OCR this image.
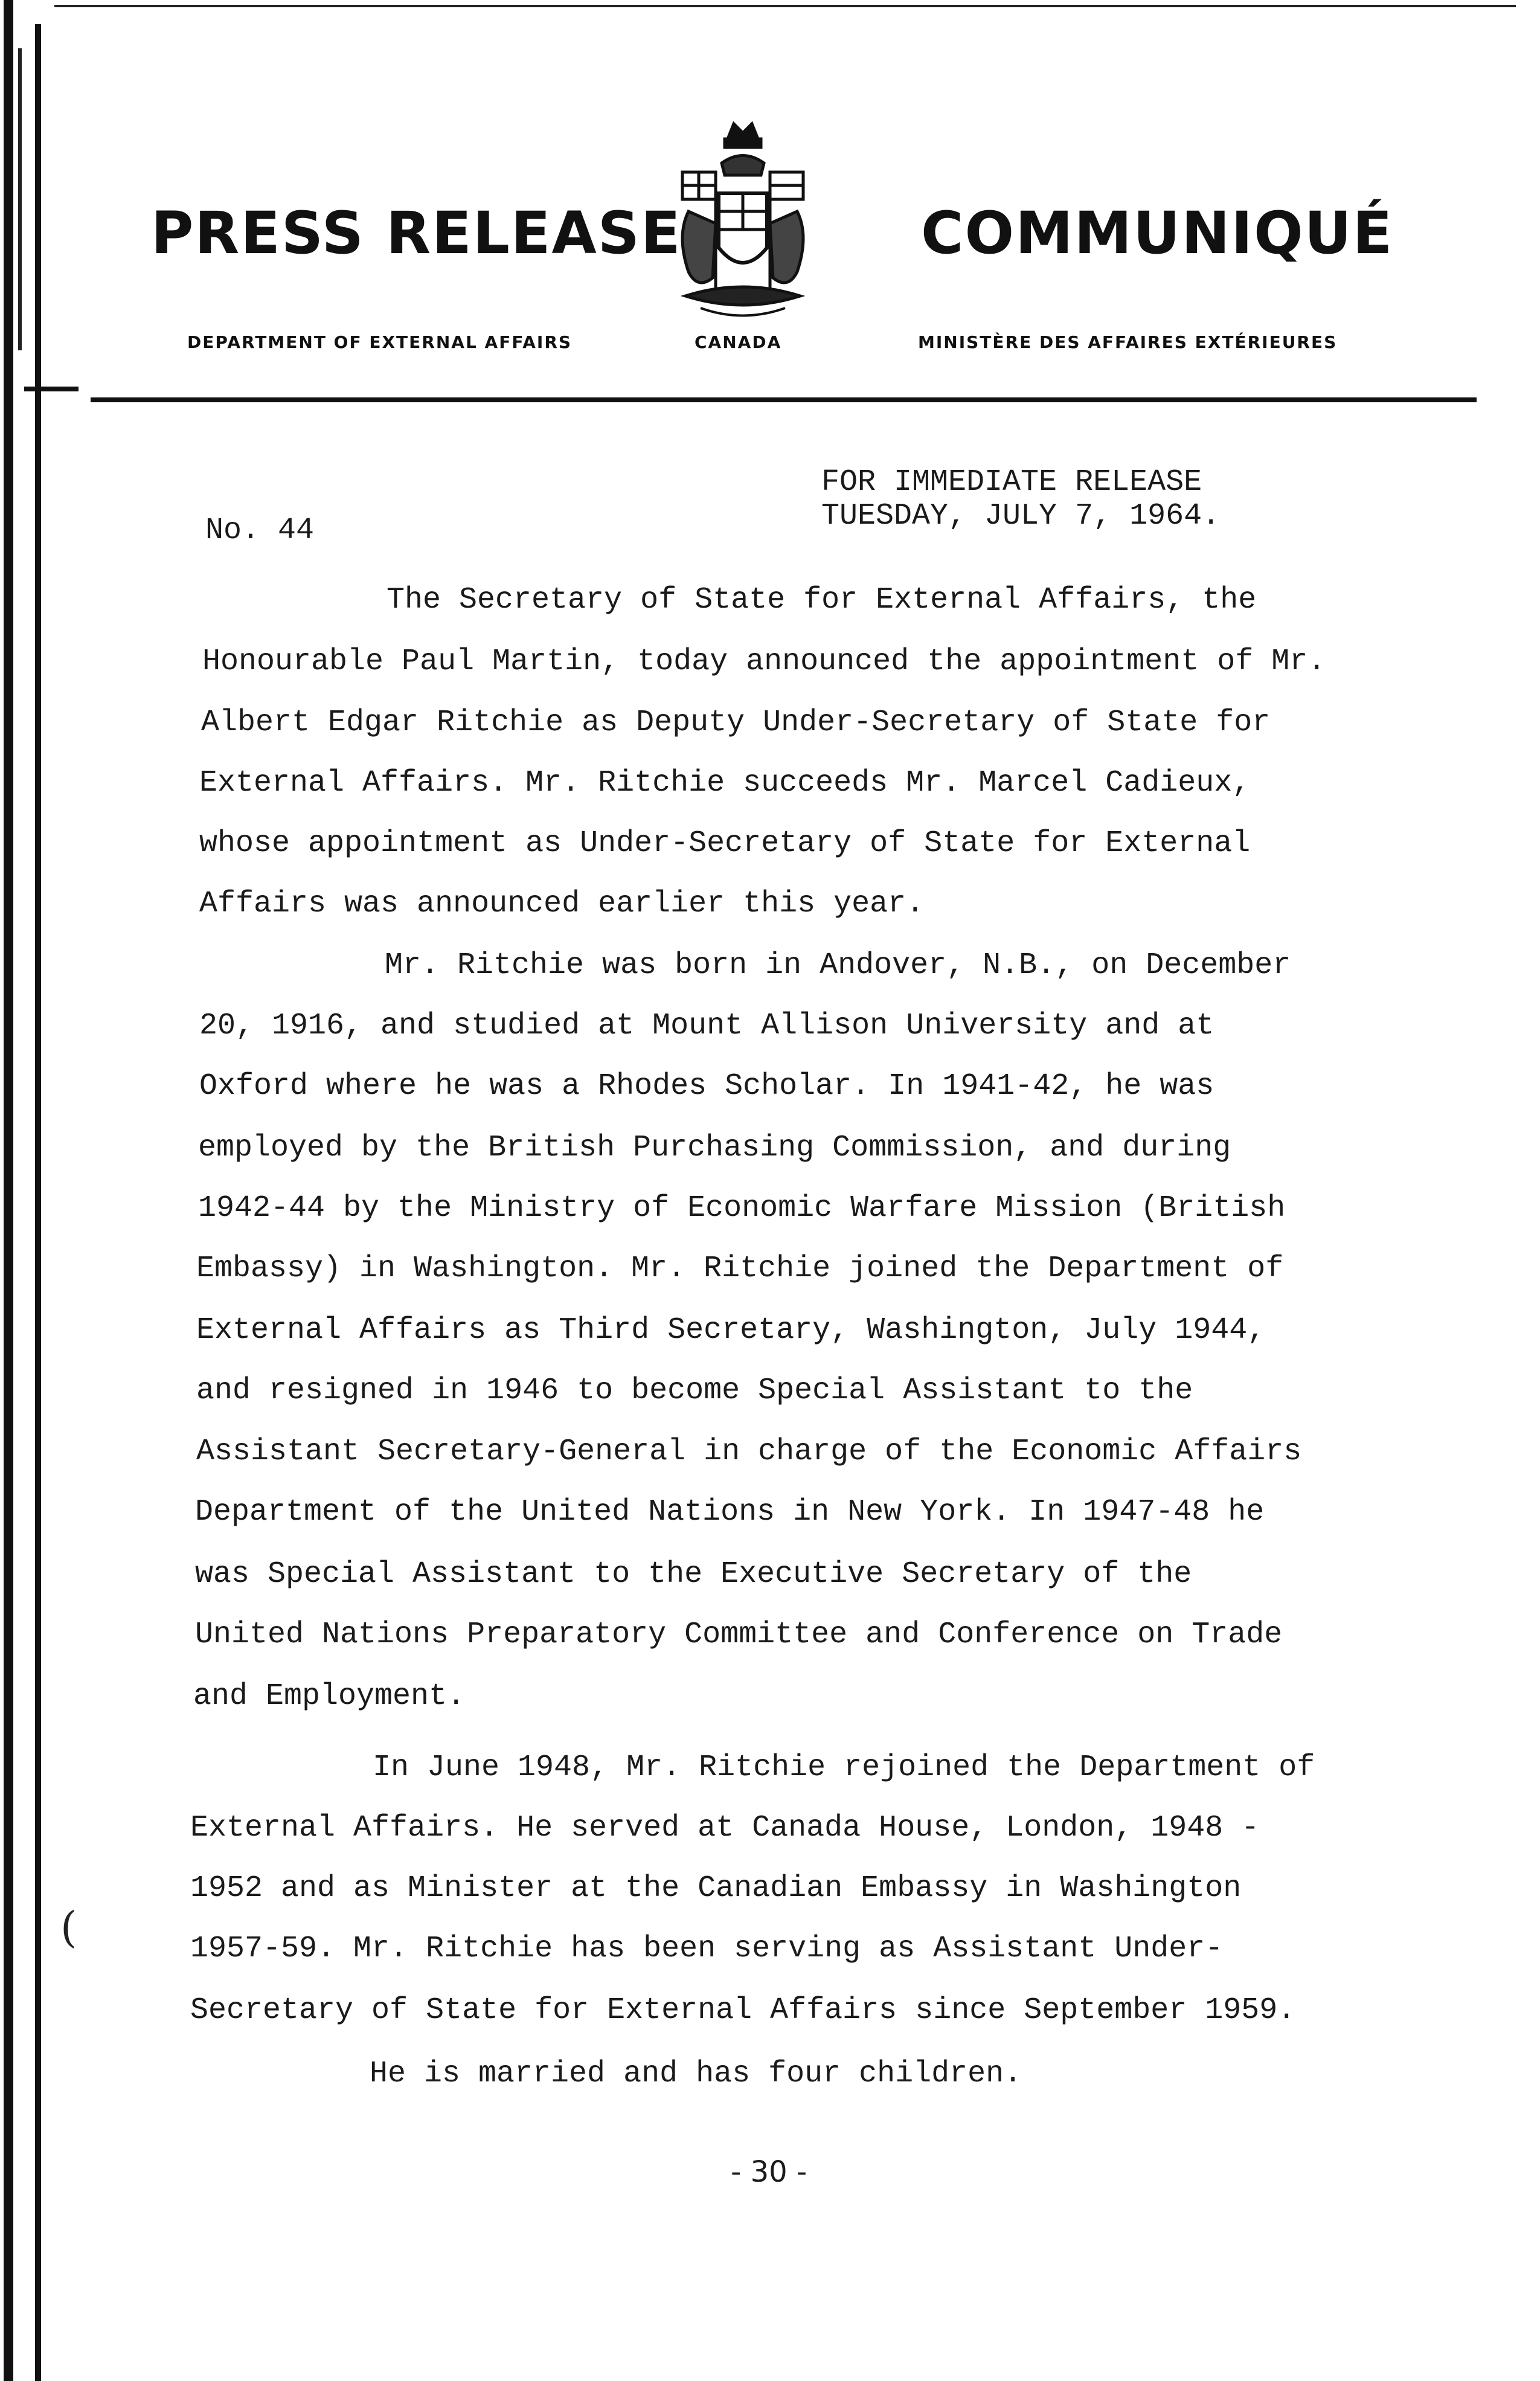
(
PRESS RELEASE	COMMUNIQUÉ
DEPARTMENT OF EXTERNAL AFFAIRS	CANADA	MINISTÈRE DES AFFAIRES EXTÉRIEURES
FOR IMMEDIATE RELEASE
TUESDAY, JULY 7, 1964.
No. 44
The Secretary of State for External Affairs, the
Honourable Paul Martin, today announced the appointment of Mr.
Albert Edgar Ritchie as Deputy Under-Secretary of State for
External Affairs. Mr. Ritchie succeeds Mr. Marcel Cadieux,
whose appointment as Under-Secretary of State for External
Affairs was announced earlier this year.
Mr. Ritchie was born in Andover, N.B., on December
20, 1916, and studied at Mount Allison University and at
Oxford where he was a Rhodes Scholar. In 1941-42, he was
employed by the British Purchasing Commission, and during
1942-44 by the Ministry of Economic Warfare Mission (British
Embassy) in Washington. Mr. Ritchie joined the Department of
External Affairs as Third Secretary, Washington, July 1944,
and resigned in 1946 to become Special Assistant to the
Assistant Secretary-General in charge of the Economic Affairs
Department of the United Nations in New York. In 1947-48 he
was Special Assistant to the Executive Secretary of the
United Nations Preparatory Committee and Conference on Trade
and Employment.
In June 1948, Mr. Ritchie rejoined the Department of
External Affairs. He served at Canada House, London, 1948 -
1952 and as Minister at the Canadian Embassy in Washington
1957-59. Mr. Ritchie has been serving as Assistant Under-
Secretary of State for External Affairs since September 1959.
He is married and has four children.
- 30 -
